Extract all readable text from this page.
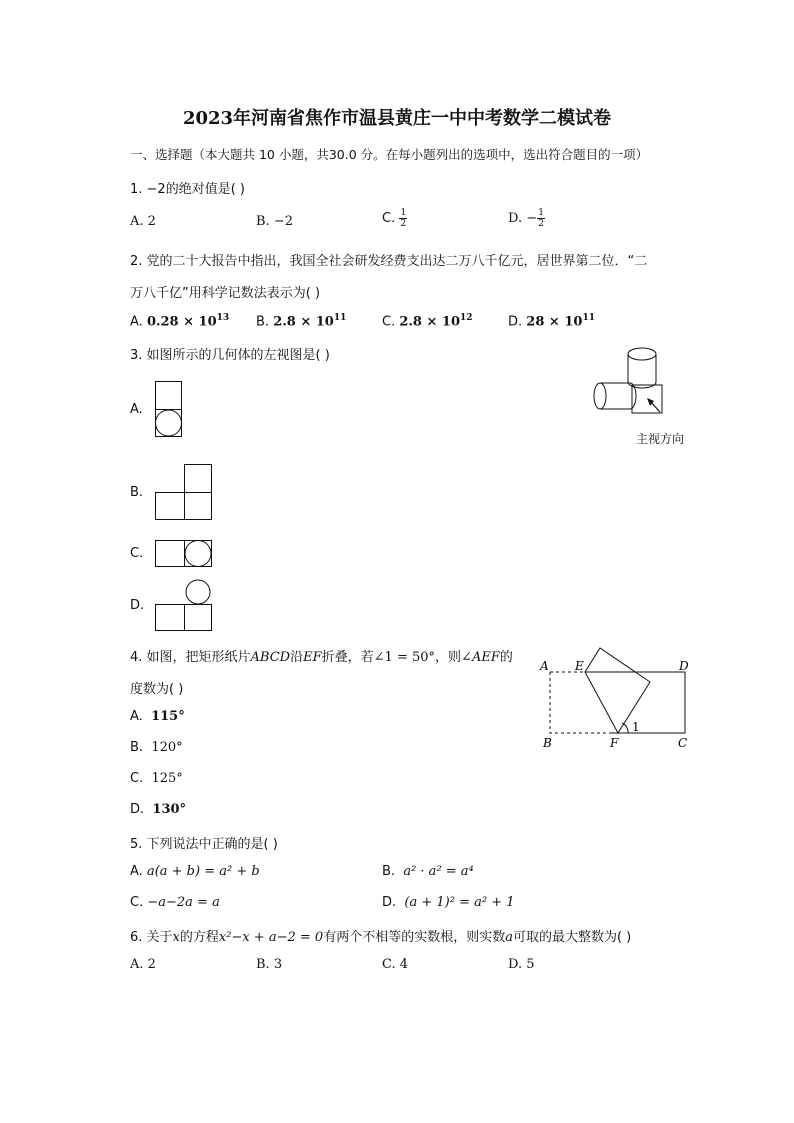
2023年河南省焦作市温县黄庄一中中考数学二模试卷
一、选择题（本大题共 10 小题，共30.0 分。在每小题列出的选项中，选出符合题目的一项）
1. −2的绝对值是( )
A. 2	B. −2	C. $\frac{1}{2}$	D. − $\frac{1}{2}$
2. 党的二十大报告中指出，我国全社会研发经费支出达二万八千亿元，居世界第二位．“二
万八千亿”用科学记数法表示为( )
A. $0.28 \times 10^{13}$ B. $2.8 \times 10^{11}$	C. $2.8 \times 10^{12}$	D. $28 \times 10^{11}$
3. 如图所示的几何体的左视图是( )
主视方向
A.
B.
C.
D.
4. 如图，把矩形纸片ABCD沿EF折叠，若∠1 = 50°，则∠AEF的
度数为( )
A. 115°
B. 120°
C. 125°
D. 130°
A E	D
B	F	C
1
5. 下列说法中正确的是( )
A. a(a + b) = a² + b	B. a² · a² = a⁴
C. −a−2a = a	D. (a + 1)² = a² + 1
6. 关于x的方程x²−x + a−2 = 0有两个不相等的实数根，则实数a可取的最大整数为( )
A. 2	B. 3	C. 4	D. 5
